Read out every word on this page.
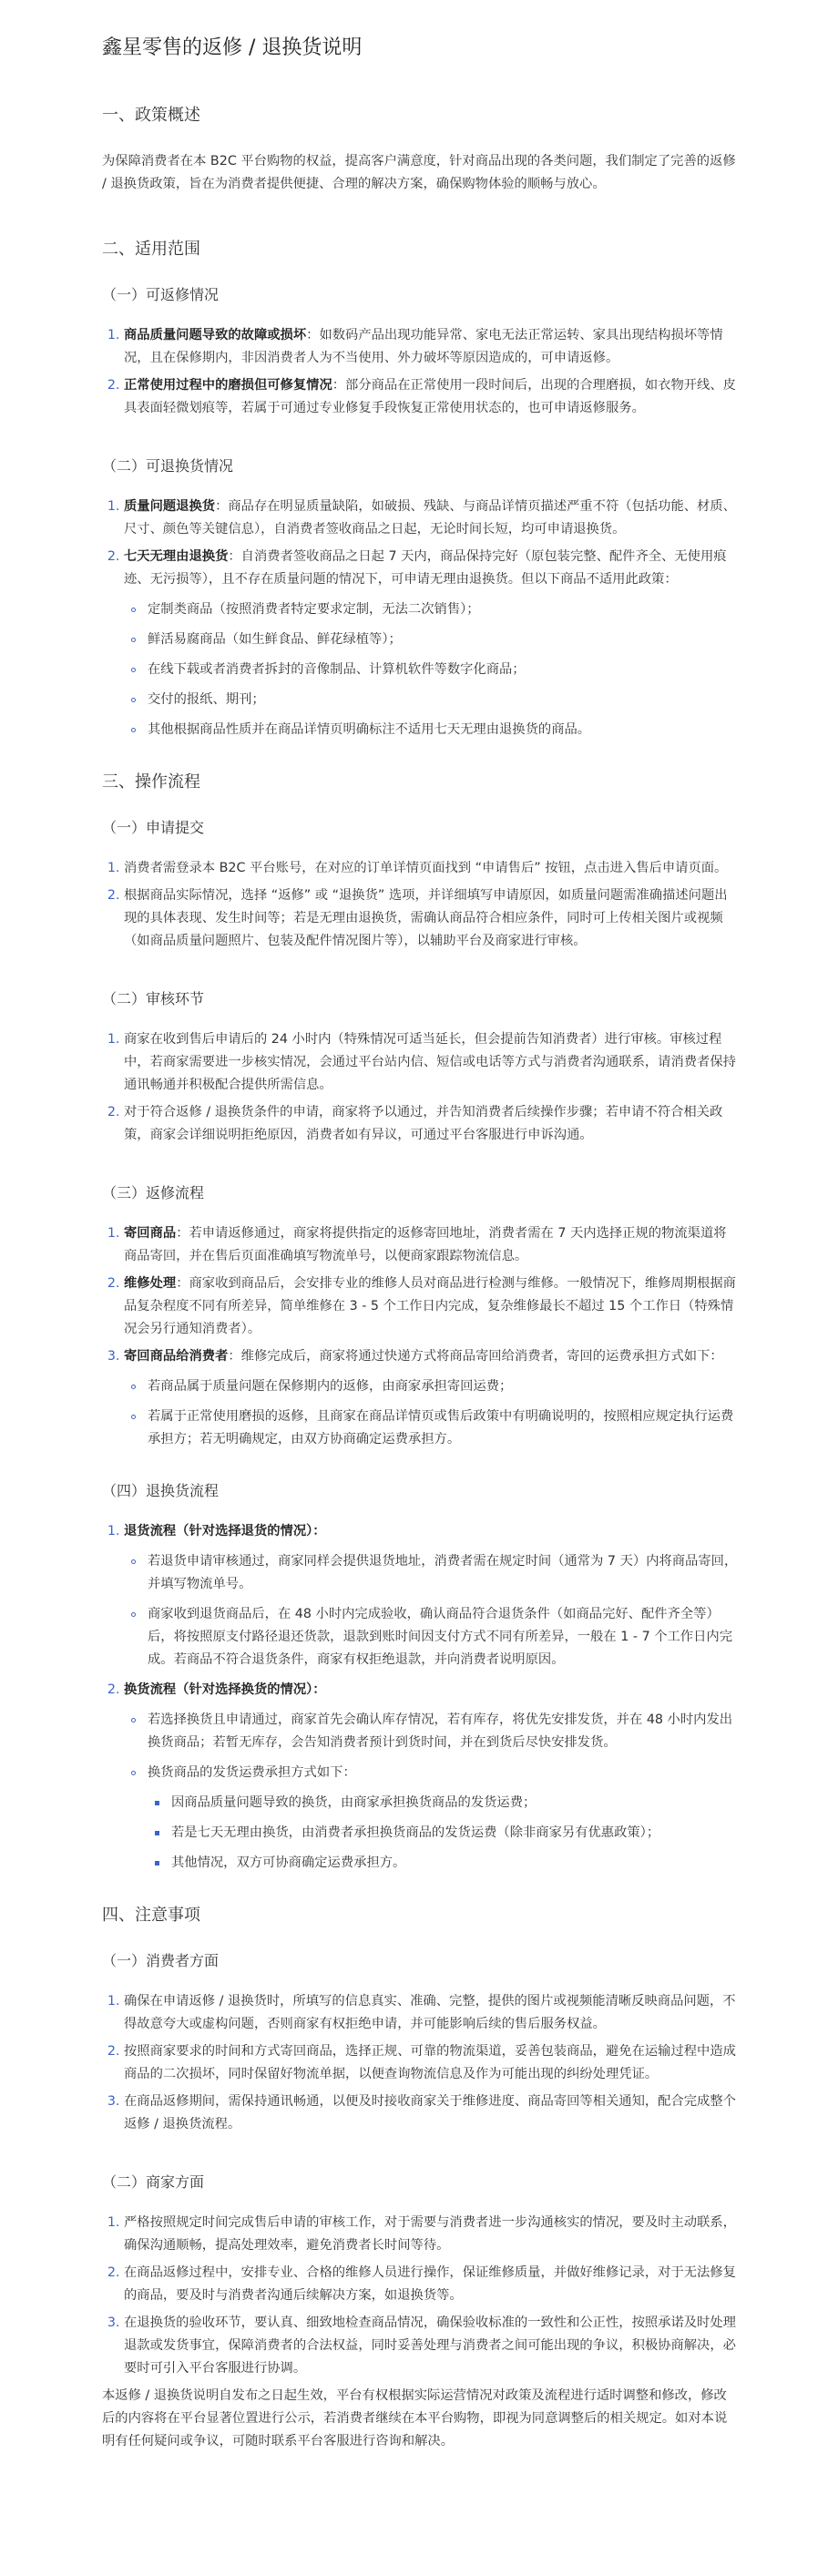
鑫星零售的返修 / 退换货说明
一、政策概述

为保障消费者在本 B2C 平台购物的权益，提高客户满意度，针对商品出现的各类问题，我们制定了完善的返修 / 退换货政策，旨在为消费者提供便捷、合理的解决方案，确保购物体验的顺畅与放心。

二、适用范围
（一）可返修情况
1. 商品质量问题导致的故障或损坏：如数码产品出现功能异常、家电无法正常运转、家具出现结构损坏等情况，且在保修期内，非因消费者人为不当使用、外力破坏等原因造成的，可申请返修。
2. 正常使用过程中的磨损但可修复情况：部分商品在正常使用一段时间后，出现的合理磨损，如衣物开线、皮具表面轻微划痕等，若属于可通过专业修复手段恢复正常使用状态的，也可申请返修服务。
（二）可退换货情况
1. 质量问题退换货：商品存在明显质量缺陷，如破损、残缺、与商品详情页描述严重不符（包括功能、材质、尺寸、颜色等关键信息），自消费者签收商品之日起，无论时间长短，均可申请退换货。
2. 七天无理由退换货：自消费者签收商品之日起 7 天内，商品保持完好（原包装完整、配件齐全、无使用痕迹、无污损等），且不存在质量问题的情况下，可申请无理由退换货。但以下商品不适用此政策：
定制类商品（按照消费者特定要求定制，无法二次销售）；
鲜活易腐商品（如生鲜食品、鲜花绿植等）；
在线下载或者消费者拆封的音像制品、计算机软件等数字化商品；
交付的报纸、期刊；
其他根据商品性质并在商品详情页明确标注不适用七天无理由退换货的商品。
三、操作流程
（一）申请提交
1. 消费者需登录本 B2C 平台账号，在对应的订单详情页面找到 “申请售后” 按钮，点击进入售后申请页面。
2. 根据商品实际情况，选择 “返修” 或 “退换货” 选项，并详细填写申请原因，如质量问题需准确描述问题出现的具体表现、发生时间等；若是无理由退换货，需确认商品符合相应条件，同时可上传相关图片或视频（如商品质量问题照片、包装及配件情况图片等），以辅助平台及商家进行审核。
（二）审核环节
1. 商家在收到售后申请后的 24 小时内（特殊情况可适当延长，但会提前告知消费者）进行审核。审核过程中，若商家需要进一步核实情况，会通过平台站内信、短信或电话等方式与消费者沟通联系，请消费者保持通讯畅通并积极配合提供所需信息。
2. 对于符合返修 / 退换货条件的申请，商家将予以通过，并告知消费者后续操作步骤；若申请不符合相关政策，商家会详细说明拒绝原因，消费者如有异议，可通过平台客服进行申诉沟通。
（三）返修流程
1. 寄回商品：若申请返修通过，商家将提供指定的返修寄回地址，消费者需在 7 天内选择正规的物流渠道将商品寄回，并在售后页面准确填写物流单号，以便商家跟踪物流信息。
2. 维修处理：商家收到商品后，会安排专业的维修人员对商品进行检测与维修。一般情况下，维修周期根据商品复杂程度不同有所差异，简单维修在 3 - 5 个工作日内完成，复杂维修最长不超过 15 个工作日（特殊情况会另行通知消费者）。
3. 寄回商品给消费者：维修完成后，商家将通过快递方式将商品寄回给消费者，寄回的运费承担方式如下：
若商品属于质量问题在保修期内的返修，由商家承担寄回运费；
若属于正常使用磨损的返修，且商家在商品详情页或售后政策中有明确说明的，按照相应规定执行运费承担方；若无明确规定，由双方协商确定运费承担方。
（四）退换货流程
1. 退货流程（针对选择退货的情况）：
若退货申请审核通过，商家同样会提供退货地址，消费者需在规定时间（通常为 7 天）内将商品寄回，并填写物流单号。
商家收到退货商品后，在 48 小时内完成验收，确认商品符合退货条件（如商品完好、配件齐全等）后，将按照原支付路径退还货款，退款到账时间因支付方式不同有所差异，一般在 1 - 7 个工作日内完成。若商品不符合退货条件，商家有权拒绝退款，并向消费者说明原因。
2. 换货流程（针对选择换货的情况）：
若选择换货且申请通过，商家首先会确认库存情况，若有库存，将优先安排发货，并在 48 小时内发出换货商品；若暂无库存，会告知消费者预计到货时间，并在到货后尽快安排发货。
换货商品的发货运费承担方式如下：
因商品质量问题导致的换货，由商家承担换货商品的发货运费；
若是七天无理由换货，由消费者承担换货商品的发货运费（除非商家另有优惠政策）；
其他情况，双方可协商确定运费承担方。
四、注意事项
（一）消费者方面
1. 确保在申请返修 / 退换货时，所填写的信息真实、准确、完整，提供的图片或视频能清晰反映商品问题，不得故意夸大或虚构问题，否则商家有权拒绝申请，并可能影响后续的售后服务权益。
2. 按照商家要求的时间和方式寄回商品，选择正规、可靠的物流渠道，妥善包装商品，避免在运输过程中造成商品的二次损坏，同时保留好物流单据，以便查询物流信息及作为可能出现的纠纷处理凭证。
3. 在商品返修期间，需保持通讯畅通，以便及时接收商家关于维修进度、商品寄回等相关通知，配合完成整个返修 / 退换货流程。
（二）商家方面
1. 严格按照规定时间完成售后申请的审核工作，对于需要与消费者进一步沟通核实的情况，要及时主动联系，确保沟通顺畅，提高处理效率，避免消费者长时间等待。
2. 在商品返修过程中，安排专业、合格的维修人员进行操作，保证维修质量，并做好维修记录，对于无法修复的商品，要及时与消费者沟通后续解决方案，如退换货等。
3. 在退换货的验收环节，要认真、细致地检查商品情况，确保验收标准的一致性和公正性，按照承诺及时处理退款或发货事宜，保障消费者的合法权益，同时妥善处理与消费者之间可能出现的争议，积极协商解决，必要时可引入平台客服进行协调。

本返修 / 退换货说明自发布之日起生效，平台有权根据实际运营情况对政策及流程进行适时调整和修改，修改后的内容将在平台显著位置进行公示，若消费者继续在本平台购物，即视为同意调整后的相关规定。如对本说明有任何疑问或争议，可随时联系平台客服进行咨询和解决。
